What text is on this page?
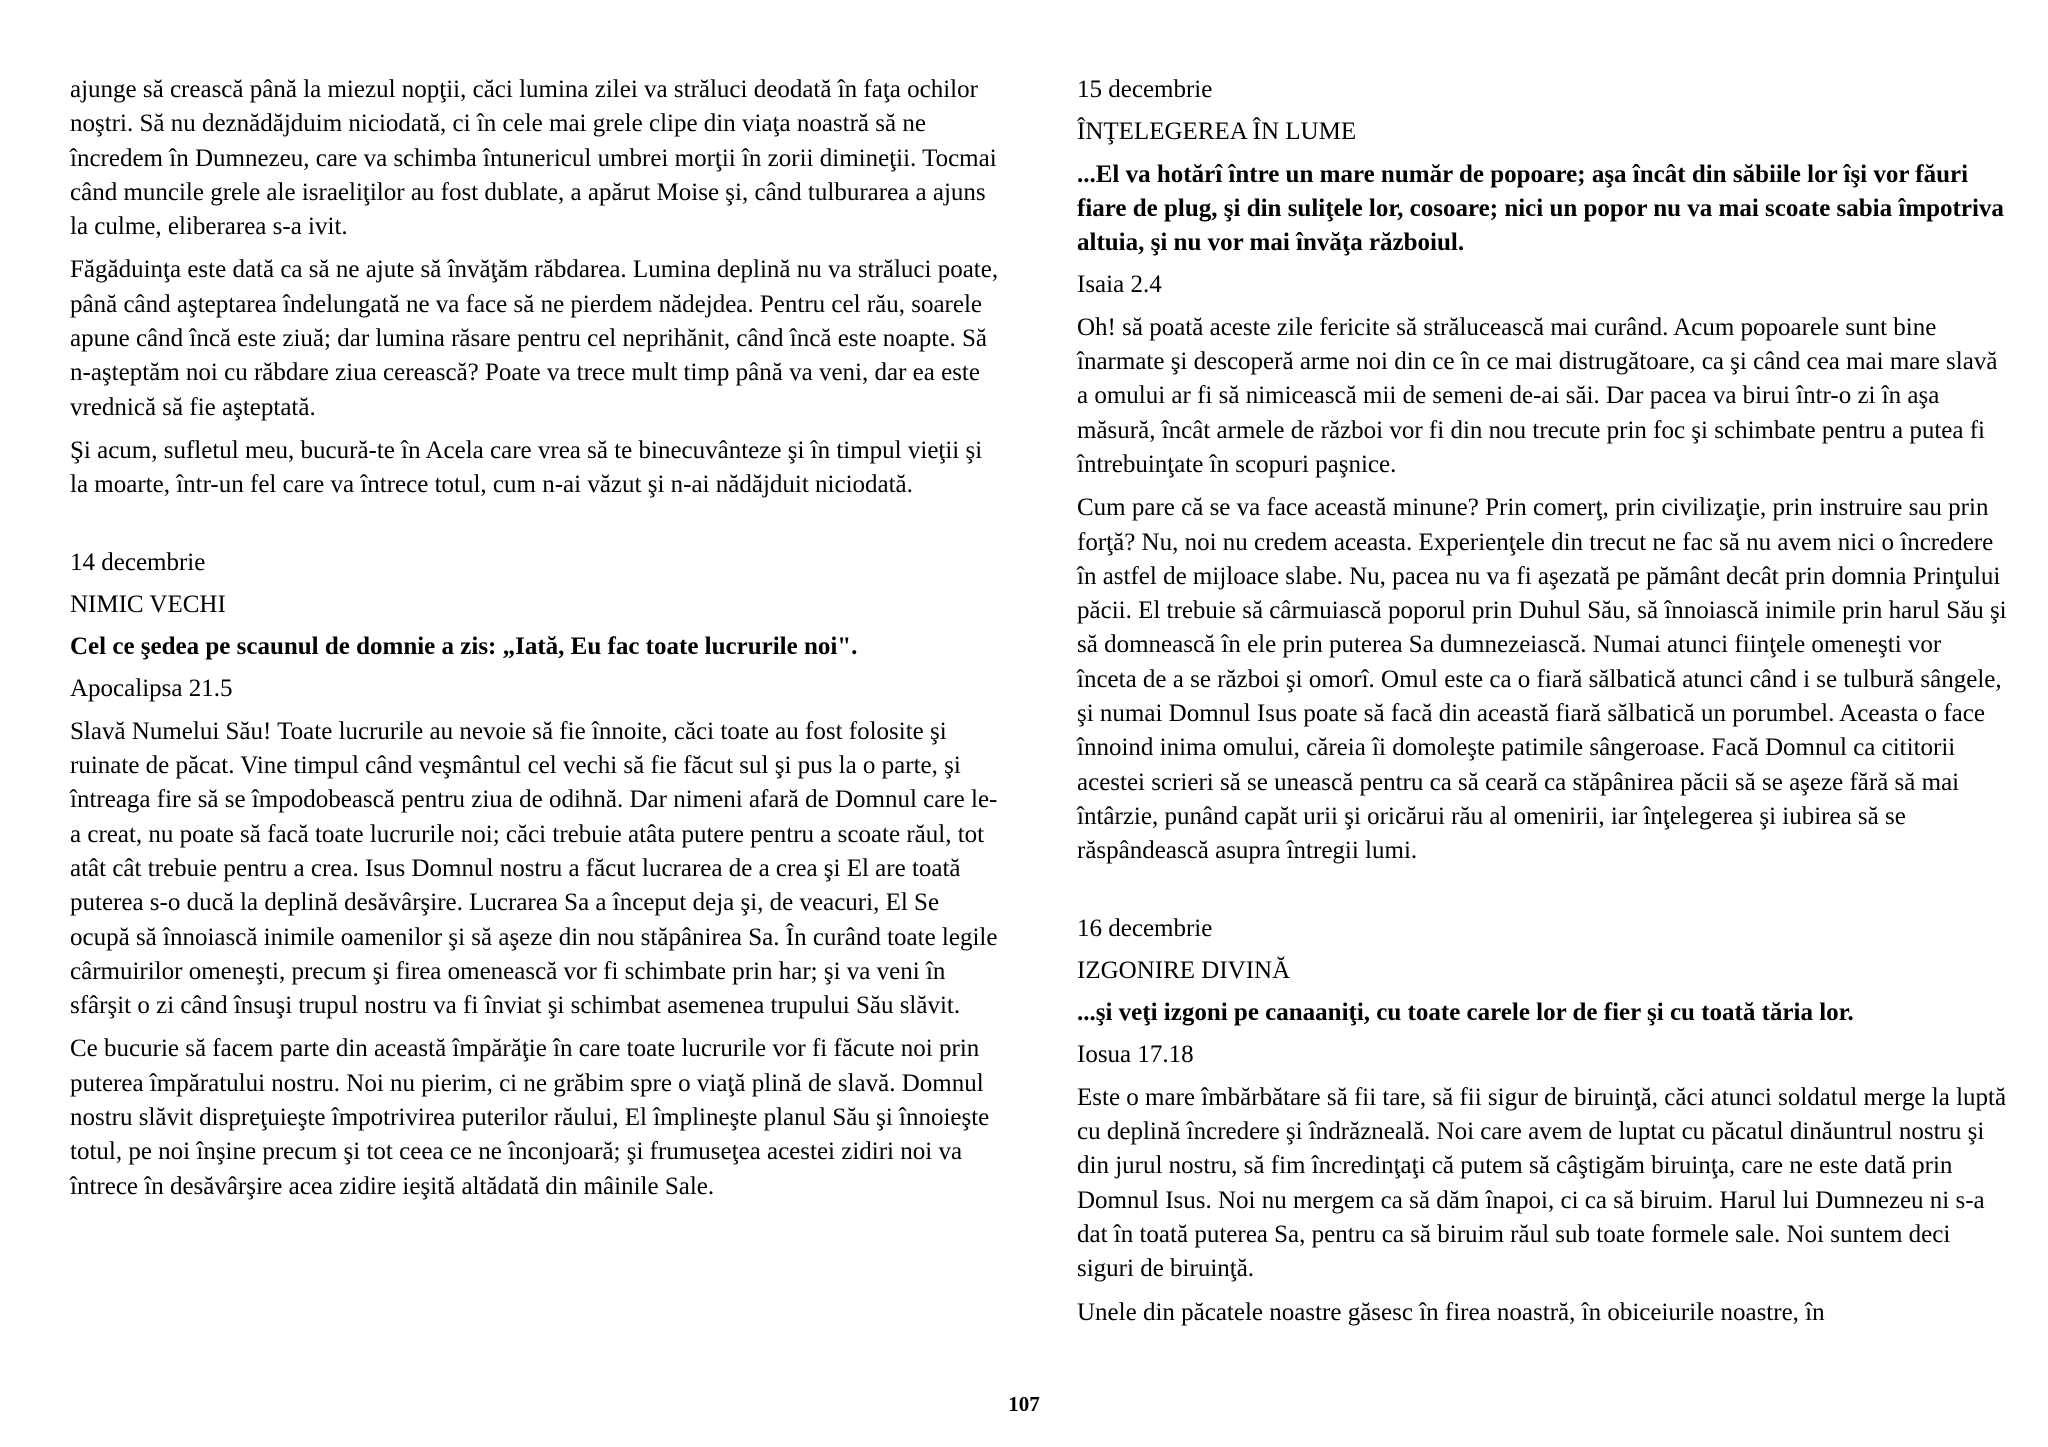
ajunge să crească până la miezul nopţii, căci lumina zilei va străluci deodată în faţa ochilor noştri. Să nu deznădăjduim niciodată, ci în cele mai grele clipe din viaţa noastră să ne încredem în Dumnezeu, care va schimba întunericul umbrei morţii în zorii dimineţii. Tocmai când muncile grele ale israeliţilor au fost dublate, a apărut Moise şi, când tulburarea a ajuns la culme, eliberarea s-a ivit.

Făgăduinţa este dată ca să ne ajute să învăţăm răbdarea. Lumina deplină nu va străluci poate, până când aşteptarea îndelungată ne va face să ne pierdem nădejdea. Pentru cel rău, soarele apune când încă este ziuă; dar lumina răsare pentru cel neprihănit, când încă este noapte. Să n-aşteptăm noi cu răbdare ziua cerească? Poate va trece mult timp până va veni, dar ea este vrednică să fie aşteptată.

Şi acum, sufletul meu, bucură-te în Acela care vrea să te binecuvânteze şi în timpul vieţii şi la moarte, într-un fel care va întrece totul, cum n-ai văzut şi n-ai nădăjduit niciodată.

14 decembrie

NIMIC VECHI

Cel ce şedea pe scaunul de domnie a zis: „Iată, Eu fac toate lucrurile noi".

Apocalipsa 21.5

Slavă Numelui Său! Toate lucrurile au nevoie să fie înnoite, căci toate au fost folosite şi ruinate de păcat. Vine timpul când veşmântul cel vechi să fie făcut sul şi pus la o parte, şi întreaga fire să se împodobească pentru ziua de odihnă. Dar nimeni afară de Domnul care le-a creat, nu poate să facă toate lucrurile noi; căci trebuie atâta putere pentru a scoate răul, tot atât cât trebuie pentru a crea. Isus Domnul nostru a făcut lucrarea de a crea şi El are toată puterea s-o ducă la deplină desăvârşire. Lucrarea Sa a început deja şi, de veacuri, El Se ocupă să înnoiască inimile oamenilor şi să aşeze din nou stăpânirea Sa. În curând toate legile cârmuirilor omeneşti, precum şi firea omenească vor fi schimbate prin har; şi va veni în sfârşit o zi când însuşi trupul nostru va fi înviat şi schimbat asemenea trupului Său slăvit.

Ce bucurie să facem parte din această împărăţie în care toate lucrurile vor fi făcute noi prin puterea împăratului nostru. Noi nu pierim, ci ne grăbim spre o viaţă plină de slavă. Domnul nostru slăvit dispreţuieşte împotrivirea puterilor răului, El împlineşte planul Său şi înnoieşte totul, pe noi înşine precum şi tot ceea ce ne înconjoară; şi frumuseţea acestei zidiri noi va întrece în desăvârşire acea zidire ieşită altădată din mâinile Sale.

15 decembrie

ÎNŢELEGEREA ÎN LUME

...El va hotărî între un mare număr de popoare; aşa încât din săbiile lor îşi vor făuri fiare de plug, şi din suliţele lor, cosoare; nici un popor nu va mai scoate sabia împotriva altuia, şi nu vor mai învăţa războiul.

Isaia 2.4

Oh! să poată aceste zile fericite să strălucească mai curând. Acum popoarele sunt bine înarmate şi descoperă arme noi din ce în ce mai distrugătoare, ca şi când cea mai mare slavă a omului ar fi să nimicească mii de semeni de-ai săi. Dar pacea va birui într-o zi în aşa măsură, încât armele de război vor fi din nou trecute prin foc şi schimbate pentru a putea fi întrebuinţate în scopuri paşnice.

Cum pare că se va face această minune? Prin comerţ, prin civilizaţie, prin instruire sau prin forţă? Nu, noi nu credem aceasta. Experienţele din trecut ne fac să nu avem nici o încredere în astfel de mijloace slabe. Nu, pacea nu va fi aşezată pe pământ decât prin domnia Prinţului păcii. El trebuie să cârmuiască poporul prin Duhul Său, să înnoiască inimile prin harul Său şi să domnească în ele prin puterea Sa dumnezeiască. Numai atunci fiinţele omeneşti vor înceta de a se război şi omorî. Omul este ca o fiară sălbatică atunci când i se tulbură sângele, şi numai Domnul Isus poate să facă din această fiară sălbatică un porumbel. Aceasta o face înnoind inima omului, căreia îi domoleşte patimile sângeroase. Facă Domnul ca cititorii acestei scrieri să se unească pentru ca să ceară ca stăpânirea păcii să se aşeze fără să mai întârzie, punând capăt urii şi oricărui rău al omenirii, iar înţelegerea şi iubirea să se răspândească asupra întregii lumi.

16 decembrie

IZGONIRE DIVINĂ

...şi veţi izgoni pe canaaniţi, cu toate carele lor de fier şi cu toată tăria lor.

Iosua 17.18

Este o mare îmbărbătare să fii tare, să fii sigur de biruinţă, căci atunci soldatul merge la luptă cu deplină încredere şi îndrăzneală. Noi care avem de luptat cu păcatul dinăuntrul nostru şi din jurul nostru, să fim încredinţaţi că putem să câştigăm biruinţa, care ne este dată prin Domnul Isus. Noi nu mergem ca să dăm înapoi, ci ca să biruim. Harul lui Dumnezeu ni s-a dat în toată puterea Sa, pentru ca să biruim răul sub toate formele sale. Noi suntem deci siguri de biruinţă.

Unele din păcatele noastre găsesc în firea noastră, în obiceiurile noastre, în

107
